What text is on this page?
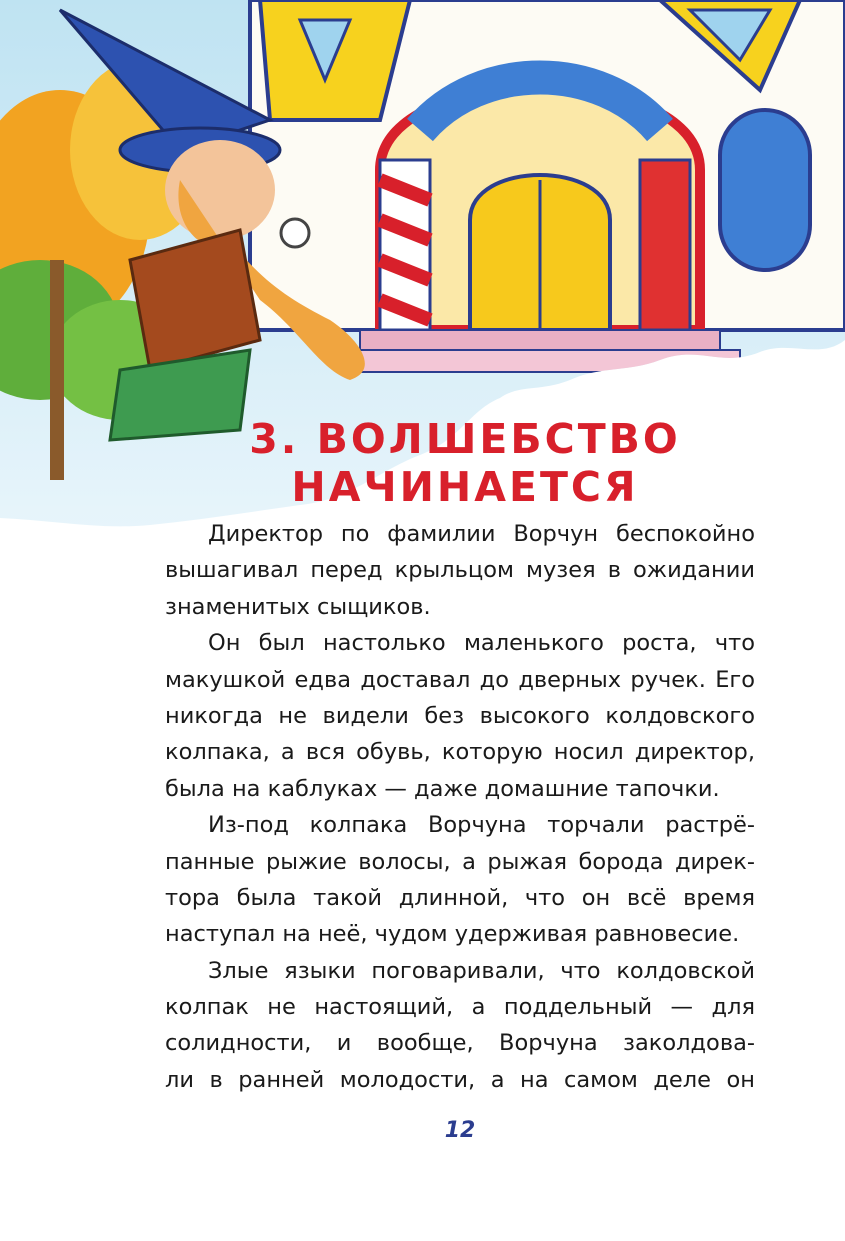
3. ВОЛШЕБСТВО
НАЧИНАЕТСЯ
Директор по фамилии Ворчун беспокойно
вышагивал перед крыльцом музея в ожидании
знаменитых сыщиков.
Он был настолько маленького роста, что
макушкой едва доставал до дверных ручек. Его
никогда не видели без высокого колдовского
колпака, а вся обувь, которую носил директор,
была на каблуках — даже домашние тапочки.
Из-под колпака Ворчуна торчали растрё-
панные рыжие волосы, а рыжая борода дирек-
тора была такой длинной, что он всё время
наступал на неё, чудом удерживая равновесие.
Злые языки поговаривали, что колдовской
колпак не настоящий, а поддельный — для
солидности, и вообще, Ворчуна заколдова-
ли в ранней молодости, а на самом деле он
12
